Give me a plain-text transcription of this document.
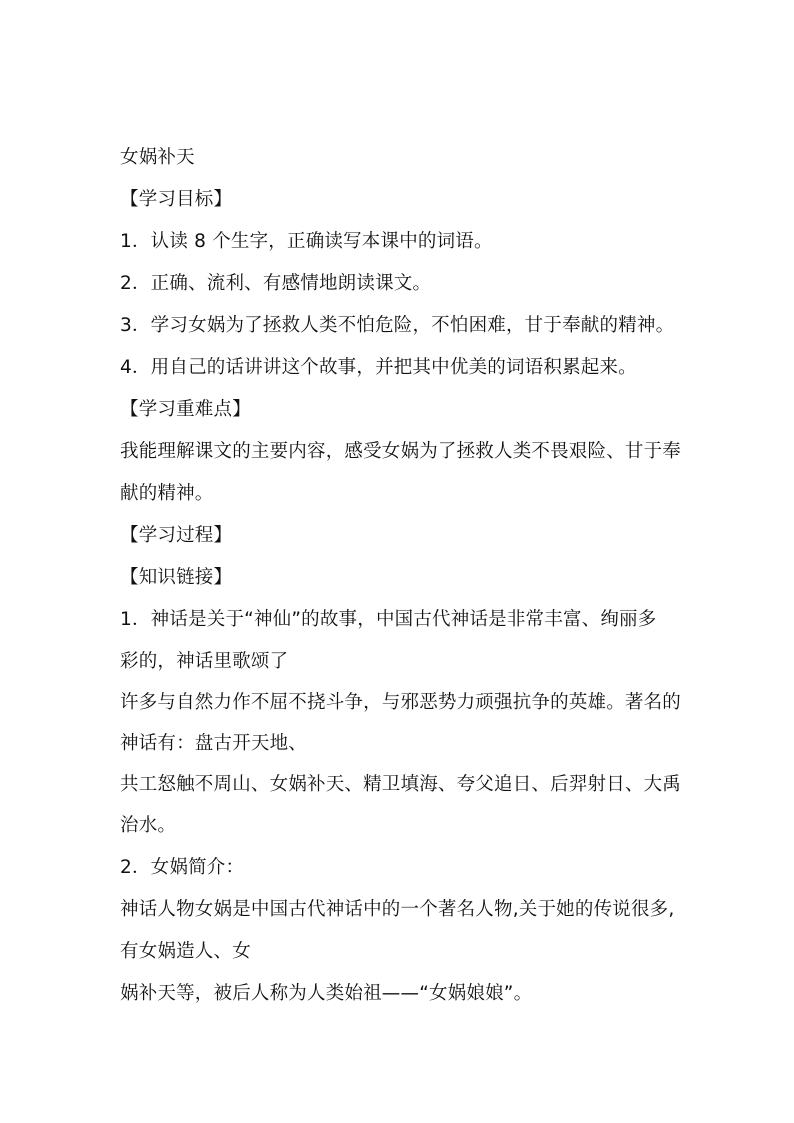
女娲补天
【学习目标】
1．认读 8 个生字，正确读写本课中的词语。
2．正确、流利、有感情地朗读课文。
3．学习女娲为了拯救人类不怕危险，不怕困难，甘于奉献的精神。
4．用自己的话讲讲这个故事，并把其中优美的词语积累起来。
【学习重难点】
我能理解课文的主要内容，感受女娲为了拯救人类不畏艰险、甘于奉
献的精神。
【学习过程】
【知识链接】
1．神话是关于“神仙”的故事，中国古代神话是非常丰富、绚丽多
彩的，神话里歌颂了
许多与自然力作不屈不挠斗争，与邪恶势力顽强抗争的英雄。著名的
神话有：盘古开天地、
共工怒触不周山、女娲补天、精卫填海、夸父追日、后羿射日、大禹
治水。
2．女娲简介：
神话人物女娲是中国古代神话中的一个著名人物,关于她的传说很多,
有女娲造人、女
娲补天等，被后人称为人类始祖——“女娲娘娘”。
